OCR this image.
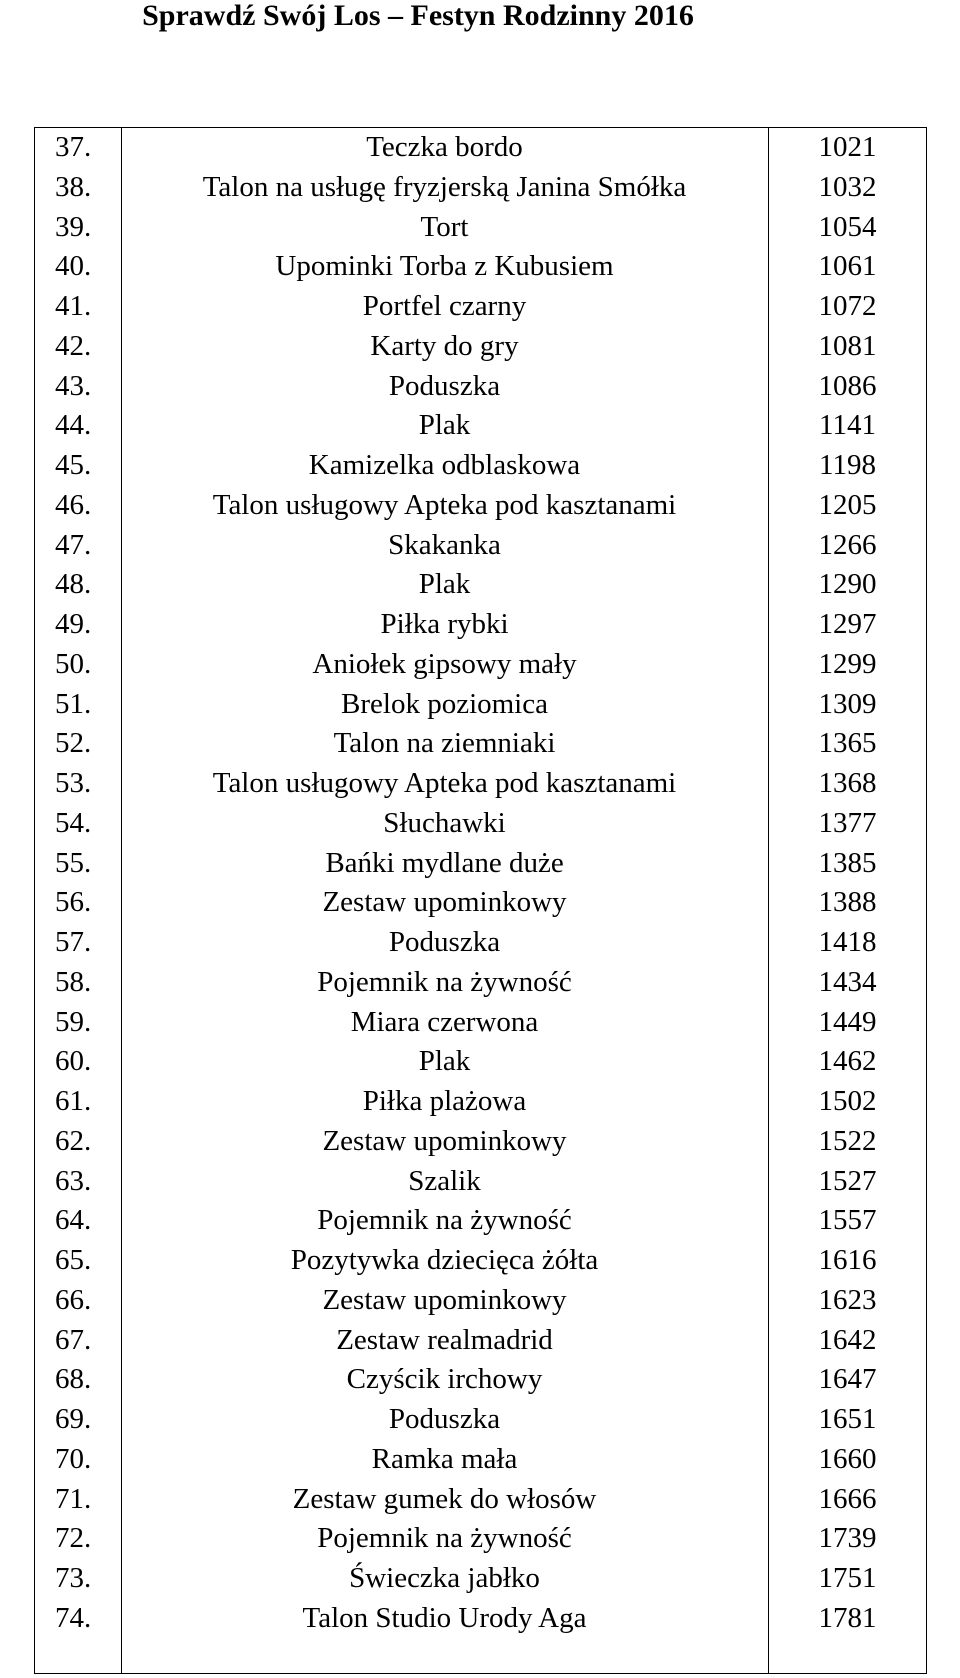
Sprawdź Swój Los – Festyn Rodzinny 2016
37.	Teczka bordo	1021
38.	Talon na usługę fryzjerską Janina Smółka	1032
39.	Tort	1054
40.	Upominki Torba z Kubusiem	1061
41.	Portfel czarny	1072
42.	Karty do gry	1081
43.	Poduszka	1086
44.	Plak	1141
45.	Kamizelka odblaskowa	1198
46.	Talon usługowy Apteka pod kasztanami	1205
47.	Skakanka	1266
48.	Plak	1290
49.	Piłka rybki	1297
50.	Aniołek gipsowy mały	1299
51.	Brelok poziomica	1309
52.	Talon na ziemniaki	1365
53.	Talon usługowy Apteka pod kasztanami	1368
54.	Słuchawki	1377
55.	Bańki mydlane duże	1385
56.	Zestaw upominkowy	1388
57.	Poduszka	1418
58.	Pojemnik na żywność	1434
59.	Miara czerwona	1449
60.	Plak	1462
61.	Piłka plażowa	1502
62.	Zestaw upominkowy	1522
63.	Szalik	1527
64.	Pojemnik na żywność	1557
65.	Pozytywka dziecięca żółta	1616
66.	Zestaw upominkowy	1623
67.	Zestaw realmadrid	1642
68.	Czyścik irchowy	1647
69.	Poduszka	1651
70.	Ramka mała	1660
71.	Zestaw gumek do włosów	1666
72.	Pojemnik na żywność	1739
73.	Świeczka jabłko	1751
74.	Talon Studio Urody Aga	1781
